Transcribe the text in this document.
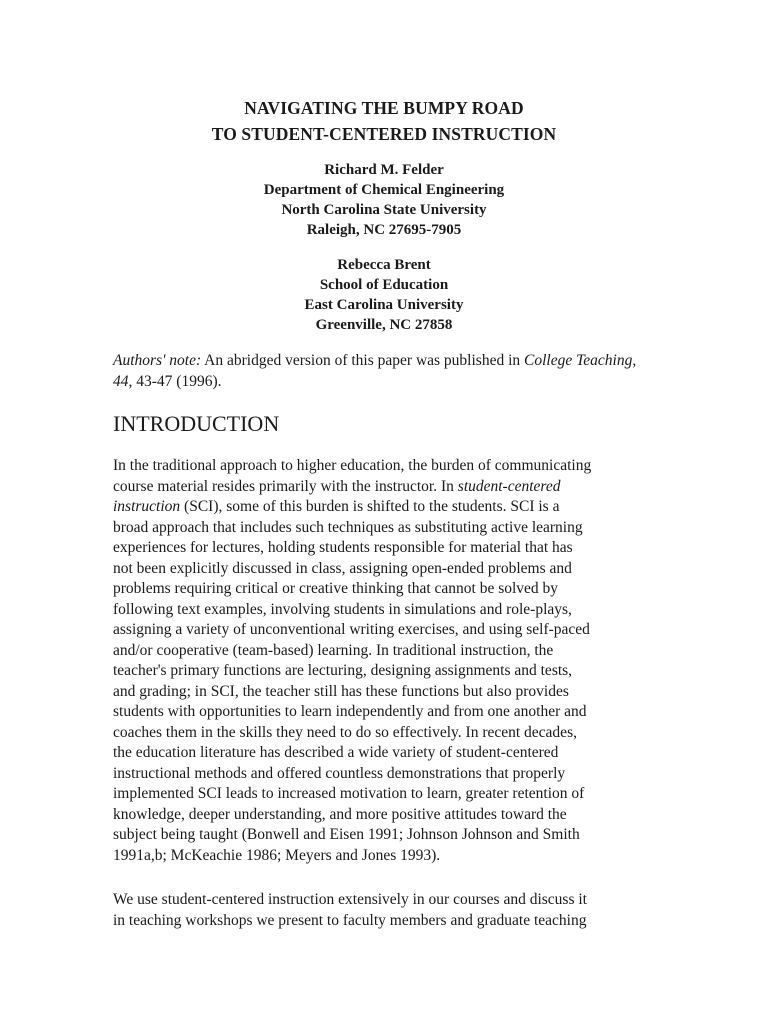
NAVIGATING THE BUMPY ROAD
TO STUDENT-CENTERED INSTRUCTION
Richard M. Felder
Department of Chemical Engineering
North Carolina State University
Raleigh, NC 27695-7905
Rebecca Brent
School of Education
East Carolina University
Greenville, NC 27858
Authors' note: An abridged version of this paper was published in College Teaching, 44, 43-47 (1996).
INTRODUCTION
In the traditional approach to higher education, the burden of communicating
course material resides primarily with the instructor. In student-centered
instruction (SCI), some of this burden is shifted to the students. SCI is a
broad approach that includes such techniques as substituting active learning
experiences for lectures, holding students responsible for material that has
not been explicitly discussed in class, assigning open-ended problems and
problems requiring critical or creative thinking that cannot be solved by
following text examples, involving students in simulations and role-plays,
assigning a variety of unconventional writing exercises, and using self-paced
and/or cooperative (team-based) learning. In traditional instruction, the
teacher's primary functions are lecturing, designing assignments and tests,
and grading; in SCI, the teacher still has these functions but also provides
students with opportunities to learn independently and from one another and
coaches them in the skills they need to do so effectively. In recent decades,
the education literature has described a wide variety of student-centered
instructional methods and offered countless demonstrations that properly
implemented SCI leads to increased motivation to learn, greater retention of
knowledge, deeper understanding, and more positive attitudes toward the
subject being taught (Bonwell and Eisen 1991; Johnson Johnson and Smith
1991a,b; McKeachie 1986; Meyers and Jones 1993).
We use student-centered instruction extensively in our courses and discuss it
in teaching workshops we present to faculty members and graduate teaching
